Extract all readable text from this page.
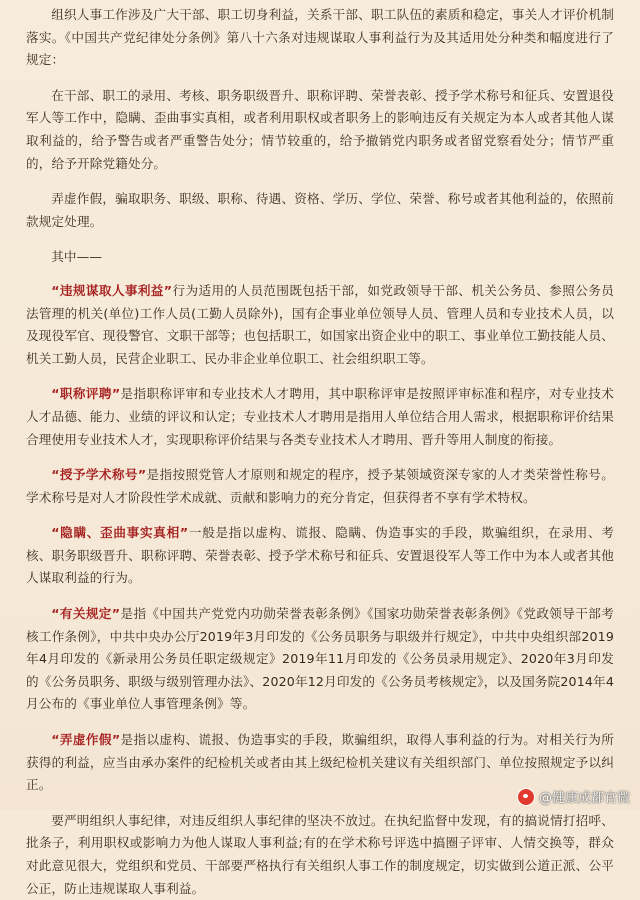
组织人事工作涉及广大干部、职工切身利益，关系干部、职工队伍的素质和稳定，事关人才评价机制落实。《中国共产党纪律处分条例》第八十六条对违规谋取人事利益行为及其适用处分种类和幅度进行了规定：

在干部、职工的录用、考核、职务职级晋升、职称评聘、荣誉表彰、授予学术称号和征兵、安置退役军人等工作中，隐瞒、歪曲事实真相，或者利用职权或者职务上的影响违反有关规定为本人或者其他人谋取利益的，给予警告或者严重警告处分；情节较重的，给予撤销党内职务或者留党察看处分；情节严重的，给予开除党籍处分。

弄虚作假，骗取职务、职级、职称、待遇、资格、学历、学位、荣誉、称号或者其他利益的，依照前款规定处理。

其中——

“违规谋取人事利益”行为适用的人员范围既包括干部，如党政领导干部、机关公务员、参照公务员法管理的机关(单位)工作人员(工勤人员除外)，国有企事业单位领导人员、管理人员和专业技术人员，以及现役军官、现役警官、文职干部等；也包括职工，如国家出资企业中的职工、事业单位工勤技能人员、机关工勤人员，民营企业职工、民办非企业单位职工、社会组织职工等。

“职称评聘”是指职称评审和专业技术人才聘用，其中职称评审是按照评审标准和程序，对专业技术人才品德、能力、业绩的评议和认定；专业技术人才聘用是指用人单位结合用人需求，根据职称评价结果合理使用专业技术人才，实现职称评价结果与各类专业技术人才聘用、晋升等用人制度的衔接。

“授予学术称号”是指按照党管人才原则和规定的程序，授予某领域资深专家的人才类荣誉性称号。学术称号是对人才阶段性学术成就、贡献和影响力的充分肯定，但获得者不享有学术特权。

“隐瞒、歪曲事实真相”一般是指以虚构、谎报、隐瞒、伪造事实的手段，欺骗组织，在录用、考核、职务职级晋升、职称评聘、荣誉表彰、授予学术称号和征兵、安置退役军人等工作中为本人或者其他人谋取利益的行为。

“有关规定”是指《中国共产党党内功勋荣誉表彰条例》《国家功勋荣誉表彰条例》《党政领导干部考核工作条例》，中共中央办公厅2019年3月印发的《公务员职务与职级并行规定》，中共中央组织部2019年4月印发的《新录用公务员任职定级规定》2019年11月印发的《公务员录用规定》、2020年3月印发的《公务员职务、职级与级别管理办法》、2020年12月印发的《公务员考核规定》，以及国务院2014年4月公布的《事业单位人事管理条例》等。

“弄虚作假”是指以虚构、谎报、伪造事实的手段，欺骗组织，取得人事利益的行为。对相关行为所获得的利益，应当由承办案件的纪检机关或者由其上级纪检机关建议有关组织部门、单位按照规定予以纠正。

要严明组织人事纪律，对违反组织人事纪律的坚决不放过。在执纪监督中发现，有的搞说情打招呼、批条子，利用职权或影响力为他人谋取人事利益;有的在学术称号评选中搞圈子评审、人情交换等，群众对此意见很大，党组织和党员、干部要严格执行有关组织人事工作的制度规定，切实做到公道正派、公平公正，防止违规谋取人事利益。

@健康成都官微
